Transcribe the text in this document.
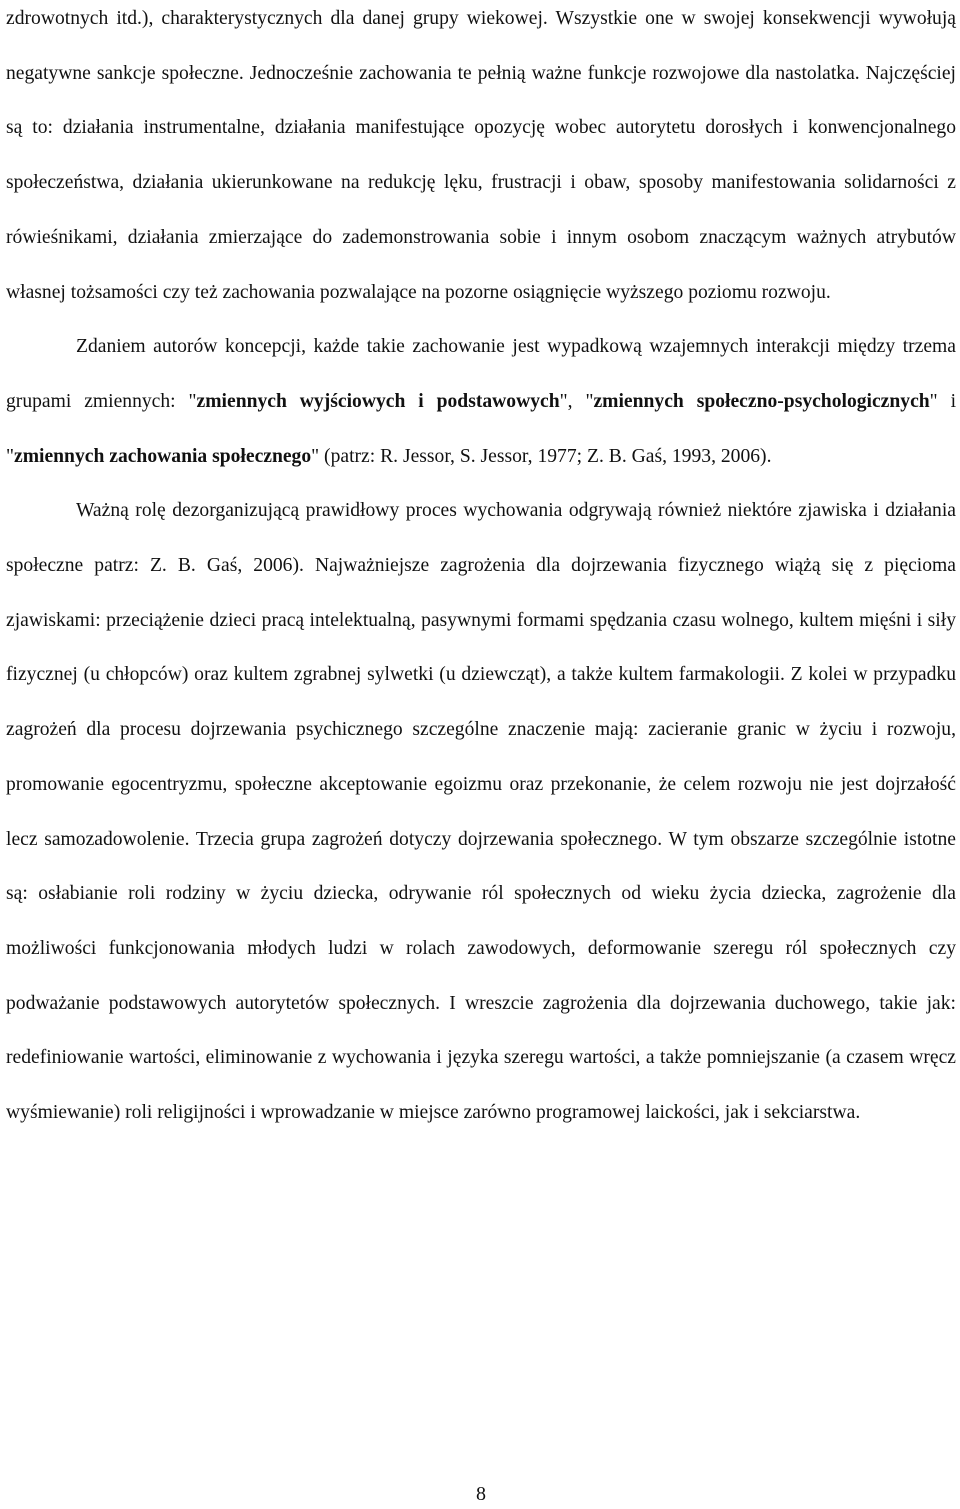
zdrowotnych itd.), charakterystycznych dla danej grupy wiekowej. Wszystkie one w swojej konsekwencji wywołują negatywne sankcje społeczne. Jednocześnie zachowania te pełnią ważne funkcje rozwojowe dla nastolatka. Najczęściej są to: działania instrumentalne, działania manifestujące opozycję wobec autorytetu dorosłych i konwencjonalnego społeczeństwa, działania ukierunkowane na redukcję lęku, frustracji i obaw, sposoby manifestowania solidarności z rówieśnikami, działania zmierzające do zademonstrowania sobie i innym osobom znaczącym ważnych atrybutów własnej tożsamości czy też zachowania pozwalające na pozorne osiągnięcie wyższego poziomu rozwoju.

Zdaniem autorów koncepcji, każde takie zachowanie jest wypadkową wzajemnych interakcji między trzema grupami zmiennych: "zmiennych wyjściowych i podstawowych", "zmiennych społeczno-psychologicznych" i "zmiennych zachowania społecznego" (patrz: R. Jessor, S. Jessor, 1977; Z. B. Gaś, 1993, 2006).

Ważną rolę dezorganizującą prawidłowy proces wychowania odgrywają również niektóre zjawiska i działania społeczne patrz: Z. B. Gaś, 2006). Najważniejsze zagrożenia dla dojrzewania fizycznego wiążą się z pięcioma zjawiskami: przeciążenie dzieci pracą intelektualną, pasywnymi formami spędzania czasu wolnego, kultem mięśni i siły fizycznej (u chłopców) oraz kultem zgrabnej sylwetki (u dziewcząt), a także kultem farmakologii. Z kolei w przypadku zagrożeń dla procesu dojrzewania psychicznego szczególne znaczenie mają: zacieranie granic w życiu i rozwoju, promowanie egocentryzmu, społeczne akceptowanie egoizmu oraz przekonanie, że celem rozwoju nie jest dojrzałość lecz samozadowolenie. Trzecia grupa zagrożeń dotyczy dojrzewania społecznego. W tym obszarze szczególnie istotne są: osłabianie roli rodziny w życiu dziecka, odrywanie ról społecznych od wieku życia dziecka, zagrożenie dla możliwości funkcjonowania młodych ludzi w rolach zawodowych, deformowanie szeregu ról społecznych czy podważanie podstawowych autorytetów społecznych. I wreszcie zagrożenia dla dojrzewania duchowego, takie jak: redefiniowanie wartości, eliminowanie z wychowania i języka szeregu wartości, a także pomniejszanie (a czasem wręcz wyśmiewanie) roli religijności i wprowadzanie w miejsce zarówno programowej laickości, jak i sekciarstwa.

8
